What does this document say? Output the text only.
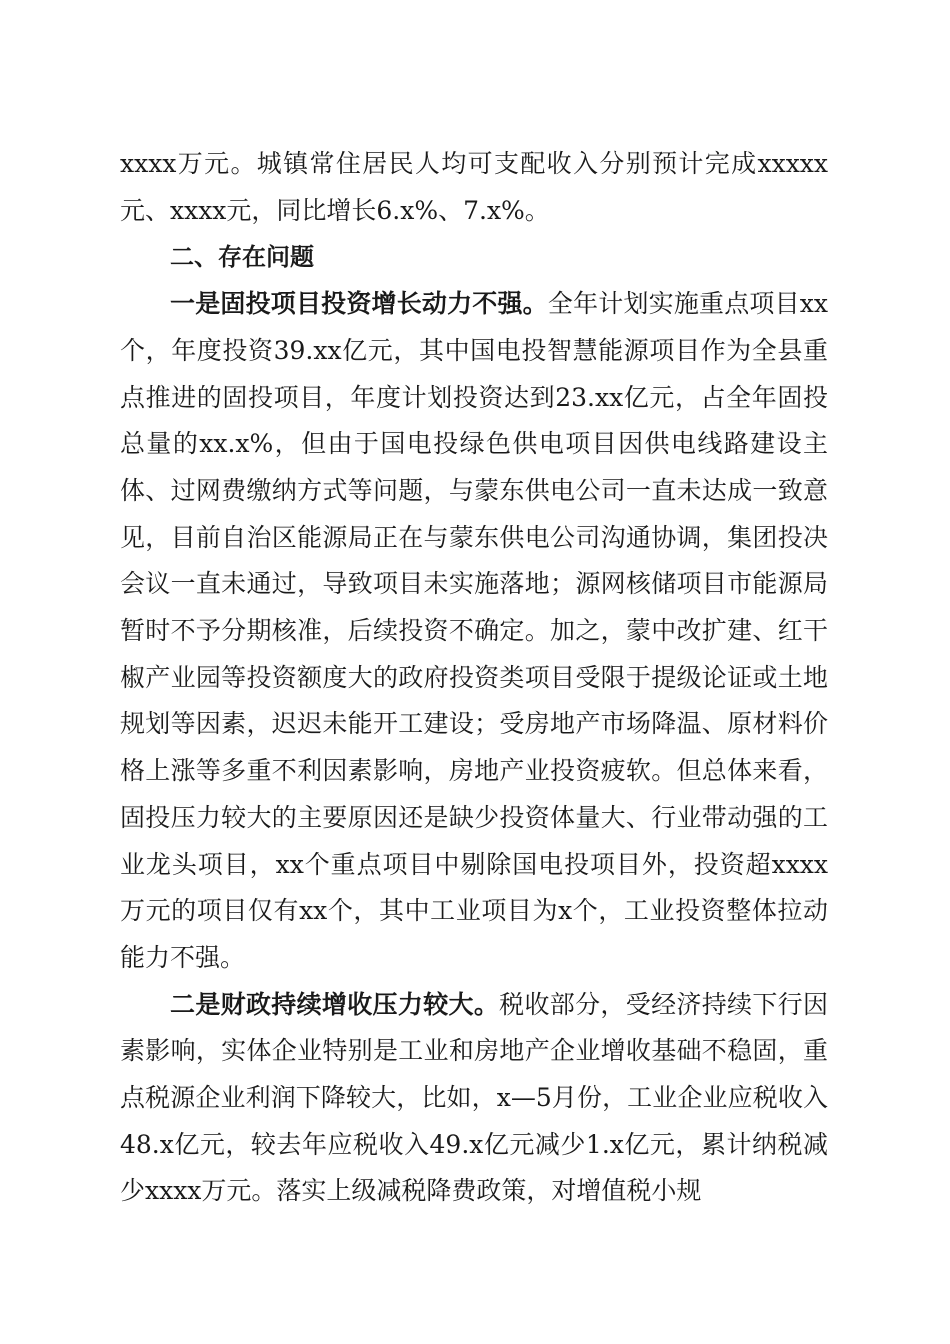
xxxx万元。城镇常住居民人均可支配收入分别预计完成xxxxx元、xxxx元，同比增长6.x%、7.x%。

二、存在问题

一是固投项目投资增长动力不强。全年计划实施重点项目xx个，年度投资39.xx亿元，其中国电投智慧能源项目作为全县重点推进的固投项目，年度计划投资达到23.xx亿元，占全年固投总量的xx.x%，但由于国电投绿色供电项目因供电线路建设主体、过网费缴纳方式等问题，与蒙东供电公司一直未达成一致意见，目前自治区能源局正在与蒙东供电公司沟通协调，集团投决会议一直未通过，导致项目未实施落地；源网核储项目市能源局暂时不予分期核准，后续投资不确定。加之，蒙中改扩建、红干椒产业园等投资额度大的政府投资类项目受限于提级论证或土地规划等因素，迟迟未能开工建设；受房地产市场降温、原材料价格上涨等多重不利因素影响，房地产业投资疲软。但总体来看，固投压力较大的主要原因还是缺少投资体量大、行业带动强的工业龙头项目，xx个重点项目中剔除国电投项目外，投资超xxxx万元的项目仅有xx个，其中工业项目为x个，工业投资整体拉动能力不强。

二是财政持续增收压力较大。税收部分，受经济持续下行因素影响，实体企业特别是工业和房地产企业增收基础不稳固，重点税源企业利润下降较大，比如，x—5月份，工业企业应税收入48.x亿元，较去年应税收入49.x亿元减少1.x亿元，累计纳税减少xxxx万元。落实上级减税降费政策，对增值税小规
